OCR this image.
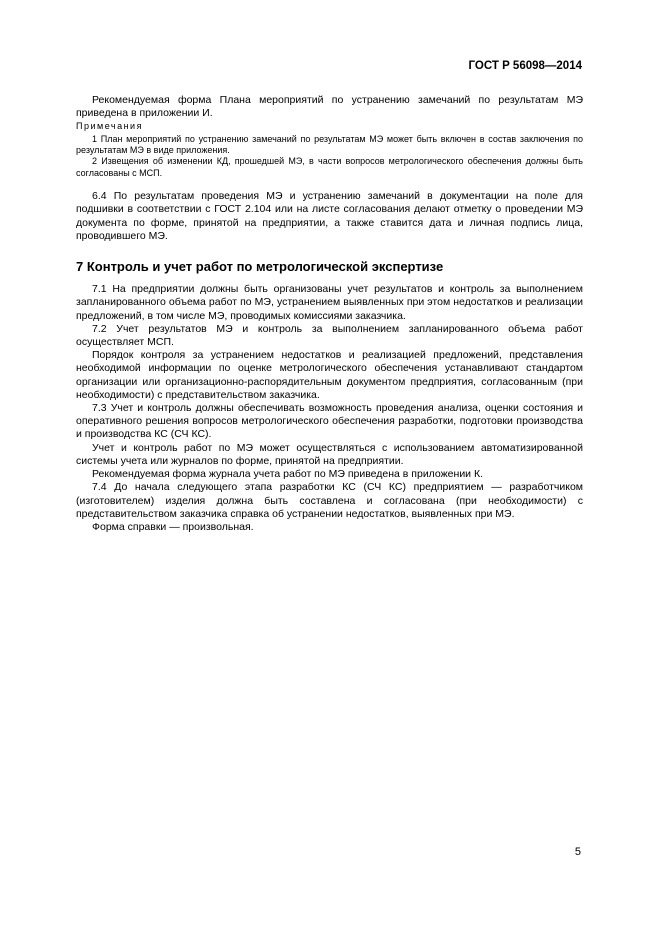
ГОСТ Р 56098—2014

Рекомендуемая форма Плана мероприятий по устранению замечаний по результатам МЭ приведена в приложении И.

Примечания

1 План мероприятий по устранению замечаний по результатам МЭ может быть включен в состав заключения по результатам МЭ в виде приложения.

2 Извещения об изменении КД, прошедшей МЭ, в части вопросов метрологического обеспечения должны быть согласованы с МСП.

6.4 По результатам проведения МЭ и устранению замечаний в документации на поле для подшивки в соответствии с ГОСТ 2.104 или на листе согласования делают отметку о проведении МЭ документа по форме, принятой на предприятии, а также ставится дата и личная подпись лица, проводившего МЭ.

7 Контроль и учет работ по метрологической экспертизе

7.1 На предприятии должны быть организованы учет результатов и контроль за выполнением запланированного объема работ по МЭ, устранением выявленных при этом недостатков и реализации предложений, в том числе МЭ, проводимых комиссиями заказчика.

7.2 Учет результатов МЭ и контроль за выполнением запланированного объема работ осуществляет МСП.

Порядок контроля за устранением недостатков и реализацией предложений, представления необходимой информации по оценке метрологического обеспечения устанавливают стандартом организации или организационно-распорядительным документом предприятия, согласованным (при необходимости) с представительством заказчика.

7.3 Учет и контроль должны обеспечивать возможность проведения анализа, оценки состояния и оперативного решения вопросов метрологического обеспечения разработки, подготовки производства и производства КС (СЧ КС).

Учет и контроль работ по МЭ может осуществляться с использованием автоматизированной системы учета или журналов по форме, принятой на предприятии.

Рекомендуемая форма журнала учета работ по МЭ приведена в приложении К.

7.4 До начала следующего этапа разработки КС (СЧ КС) предприятием — разработчиком (изготовителем) изделия должна быть составлена и согласована (при необходимости) с представительством заказчика справка об устранении недостатков, выявленных при МЭ.

Форма справки — произвольная.

5
